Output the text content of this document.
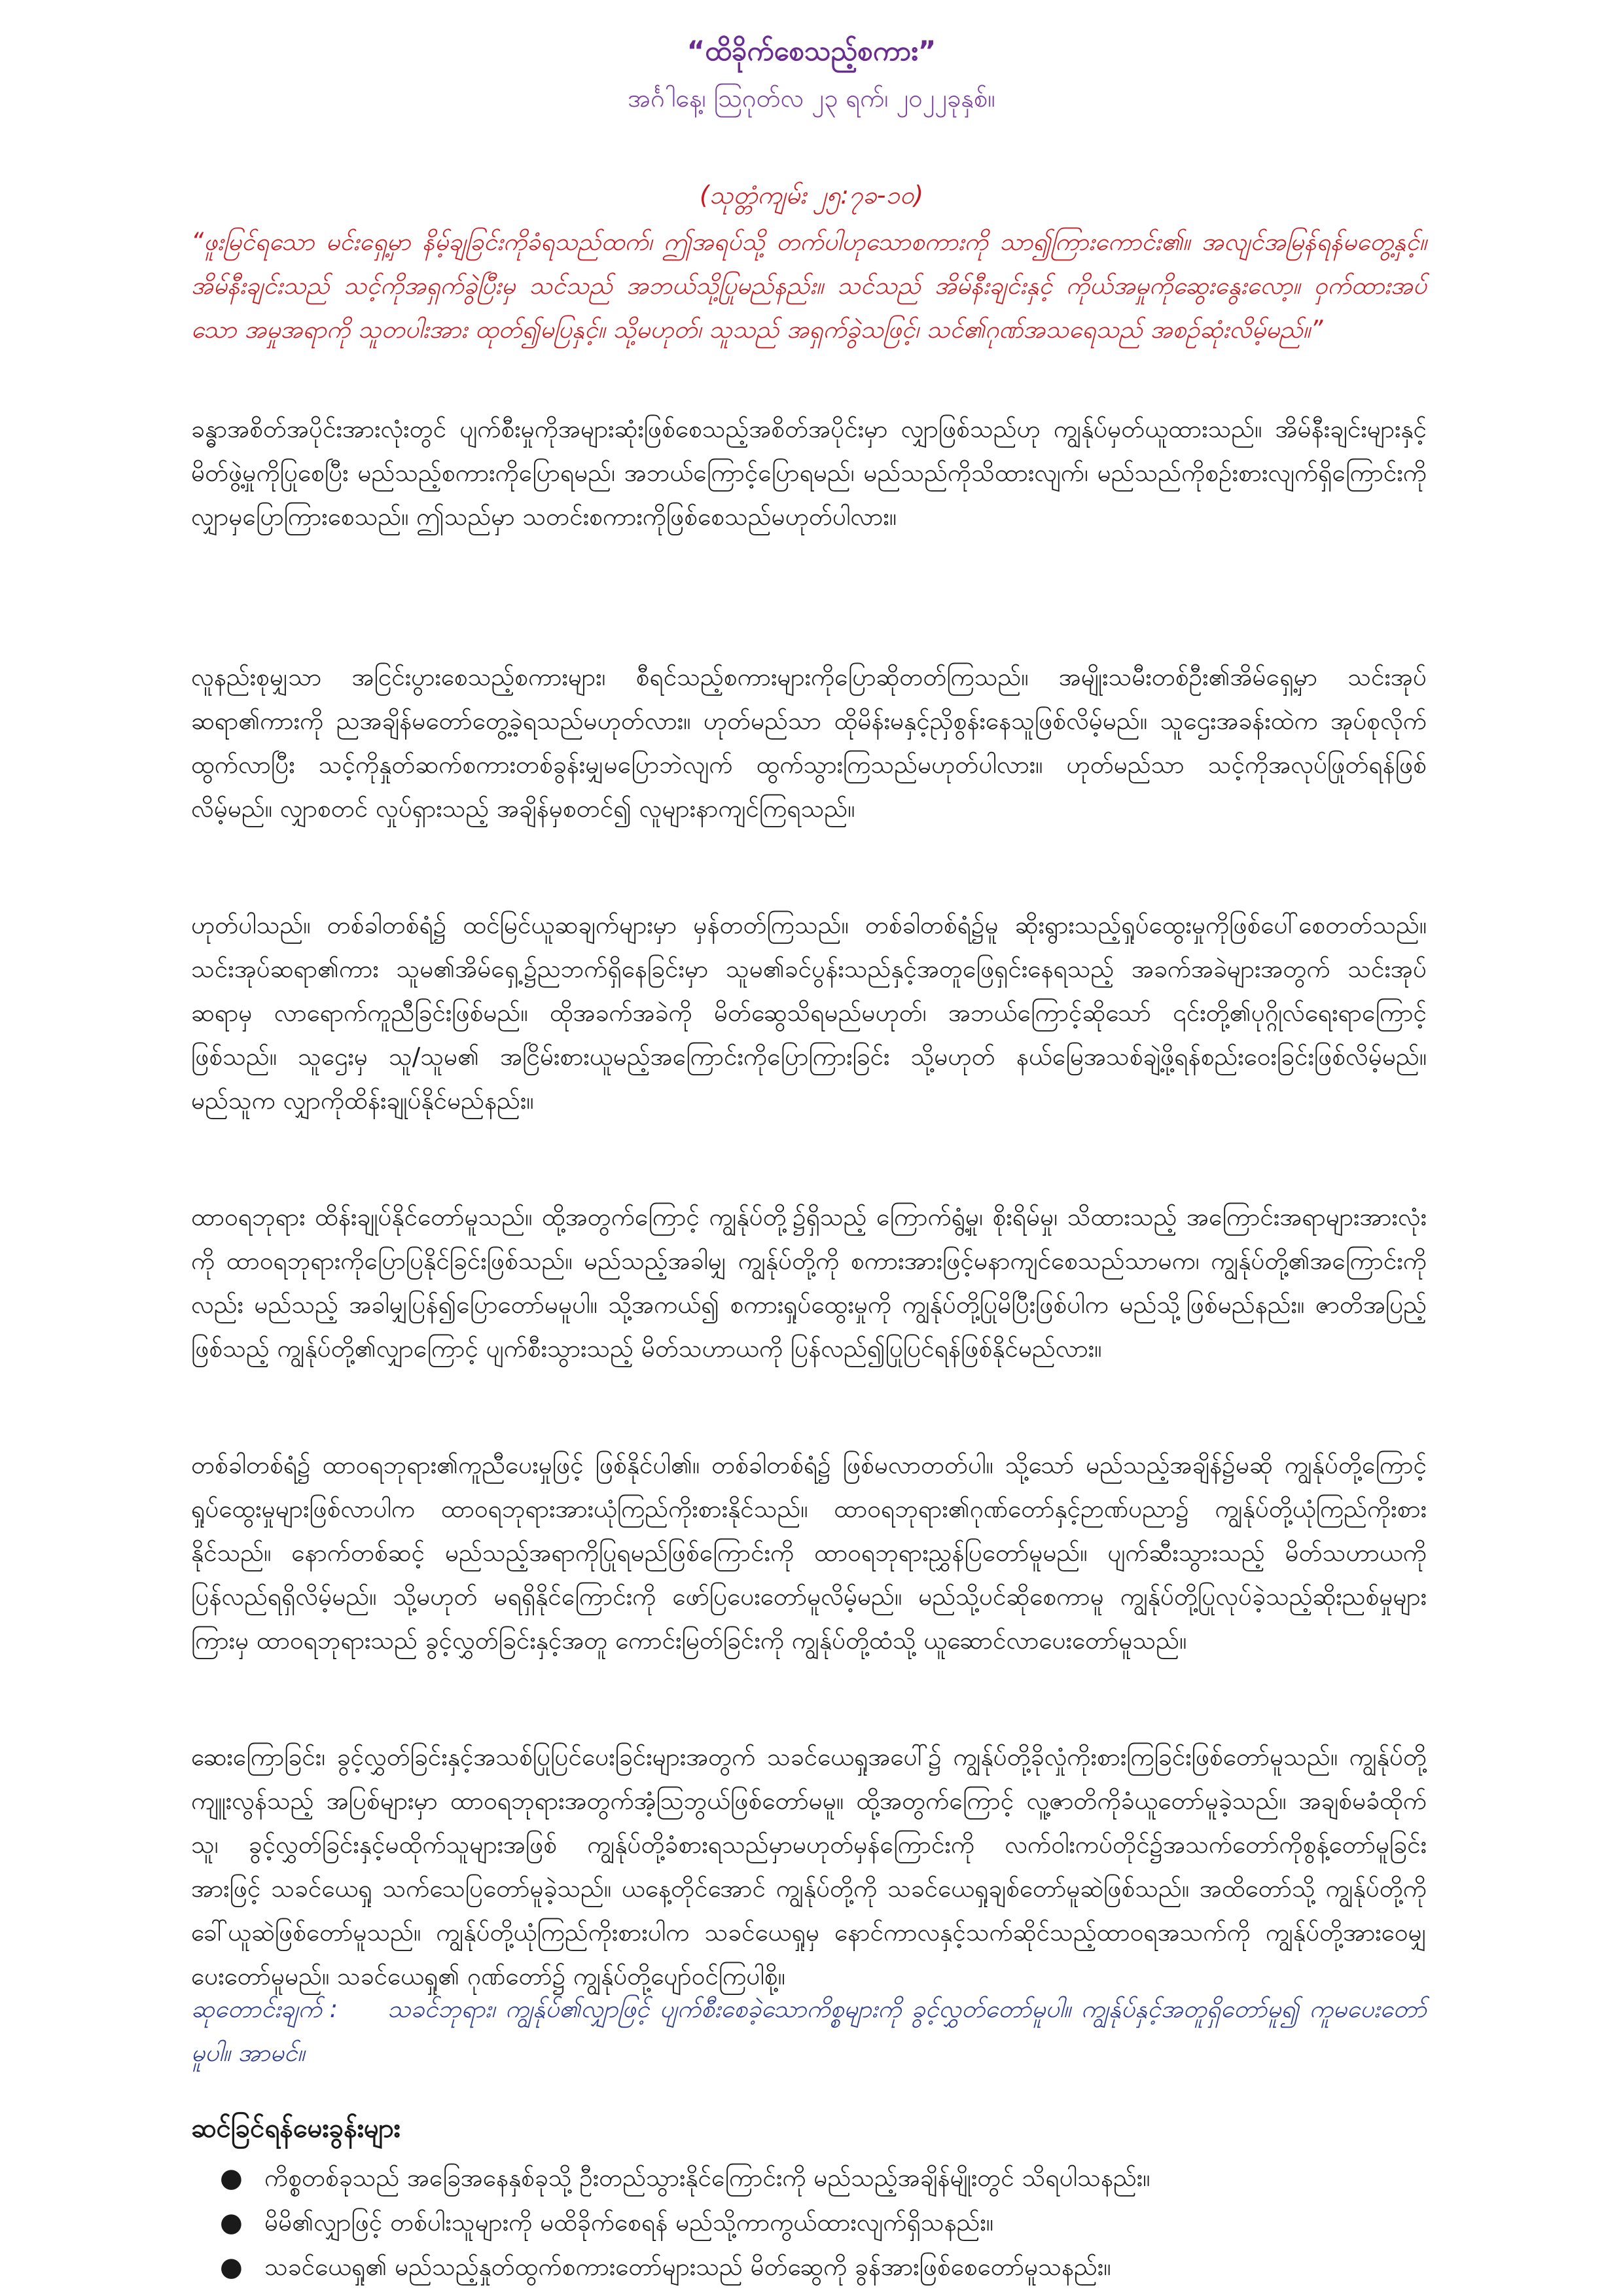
“ထိခိုက်စေသည့်စကား”
အင်္ဂါနေ့၊ ဩဂုတ်လ ၂၃ ရက်၊ ၂၀၂၂ခုနှစ်။
(သုတ္တံကျမ်း ၂၅:၇ခ-၁၀)
“ဖူးမြင်ရသော မင်းရှေ့မှာ နိမ့်ချခြင်းကိုခံရသည်ထက်၊ ဤအရပ်သို့ တက်ပါဟုသောစကားကို သာ၍ကြားကောင်း၏။ အလျင်အမြန်ရန်မတွေ့နှင့်။ အိမ်နီးချင်းသည် သင့်ကိုအရှက်ခွဲပြီးမှ သင်သည် အဘယ်သို့ပြုမည်နည်း။ သင်သည် အိမ်နီးချင်းနှင့် ကိုယ်အမှုကိုဆွေးနွေးလော့။ ဝှက်ထားအပ်သော အမှုအရာကို သူတပါးအား ထုတ်၍မပြနှင့်။ သို့မဟုတ်၊ သူသည် အရှက်ခွဲသဖြင့်၊ သင်၏ဂုဏ်အသရေသည် အစဉ်ဆုံးလိမ့်မည်။”
ခန္ဓာအစိတ်အပိုင်းအားလုံးတွင် ပျက်စီးမှုကိုအများဆုံးဖြစ်စေသည့်အစိတ်အပိုင်းမှာ လျှာဖြစ်သည်ဟု ကျွန်ုပ်မှတ်ယူထားသည်။ အိမ်နီးချင်းများနှင့်မိတ်ဖွဲ့မှုကိုပြုစေပြီး မည်သည့်စကားကိုပြောရမည်၊ အဘယ်ကြောင့်ပြောရမည်၊ မည်သည်ကိုသိထားလျက်၊ မည်သည်ကိုစဉ်းစားလျက်ရှိကြောင်းကို လျှာမှပြောကြားစေသည်။ ဤသည်မှာ သတင်းစကားကိုဖြစ်စေသည်မဟုတ်ပါလား။
လူနည်းစုမျှသာ အငြင်းပွားစေသည့်စကားများ၊ စီရင်သည့်စကားများကိုပြောဆိုတတ်ကြသည်။ အမျိုးသမီးတစ်ဦး၏အိမ်ရှေ့မှာ သင်းအုပ်ဆရာ၏ကားကို ညအချိန်မတော်တွေ့ခဲ့ရသည်မဟုတ်လား။ ဟုတ်မည်သာ ထိုမိန်းမနှင့်ညှိစွန်းနေသူဖြစ်လိမ့်မည်။ သူဌေးအခန်းထဲက အုပ်စုလိုက်ထွက်လာပြီး သင့်ကိုနှုတ်ဆက်စကားတစ်ခွန်းမျှမပြောဘဲလျက် ထွက်သွားကြသည်မဟုတ်ပါလား။ ဟုတ်မည်သာ သင့်ကိုအလုပ်ဖြုတ်ရန်ဖြစ်လိမ့်မည်။ လျှာစတင် လှုပ်ရှားသည့် အချိန်မှစတင်၍ လူများနာကျင်ကြရသည်။
ဟုတ်ပါသည်။ တစ်ခါတစ်ရံ၌ ထင်မြင်ယူဆချက်များမှာ မှန်တတ်ကြသည်။ တစ်ခါတစ်ရံ၌မူ ဆိုးရွားသည့်ရှုပ်ထွေးမှုကိုဖြစ်ပေါ်စေတတ်သည်။ သင်းအုပ်ဆရာ၏ကား သူမ၏အိမ်ရှေ့၌ညဘက်ရှိနေခြင်းမှာ သူမ၏ခင်ပွန်းသည်နှင့်အတူဖြေရှင်းနေရသည့် အခက်အခဲများအတွက် သင်းအုပ်ဆရာမှ လာရောက်ကူညီခြင်းဖြစ်မည်။ ထိုအခက်အခဲကို မိတ်ဆွေသိရမည်မဟုတ်၊ အဘယ်ကြောင့်ဆိုသော် ၎င်းတို့၏ပုဂ္ဂိုလ်ရေးရာကြောင့်ဖြစ်သည်။ သူဌေးမှ သူ/သူမ၏ အငြိမ်းစားယူမည့်အကြောင်းကိုပြောကြားခြင်း သို့မဟုတ် နယ်မြေအသစ်ချဲ့ဖို့ရန်စည်းဝေးခြင်းဖြစ်လိမ့်မည်။ မည်သူက လျှာကိုထိန်းချုပ်နိုင်မည်နည်း။
ထာဝရဘုရား ထိန်းချုပ်နိုင်တော်မူသည်။ ထို့အတွက်ကြောင့် ကျွန်ုပ်တို့၌ရှိသည့် ကြောက်ရွံ့မှု၊ စိုးရိမ်မှု၊ သိထားသည့် အကြောင်းအရာများအားလုံးကို ထာဝရဘုရားကိုပြောပြနိုင်ခြင်းဖြစ်သည်။ မည်သည့်အခါမျှ ကျွန်ုပ်တို့ကို စကားအားဖြင့်မနာကျင်စေသည်သာမက၊ ကျွန်ုပ်တို့၏အကြောင်းကိုလည်း မည်သည့် အခါမျှပြန်၍ပြောတော်မမူပါ။ သို့အကယ်၍ စကားရှုပ်ထွေးမှုကို ကျွန်ုပ်တို့ပြုမိပြီးဖြစ်ပါက မည်သို့ဖြစ်မည်နည်း။ ဇာတိအပြည့်ဖြစ်သည့် ကျွန်ုပ်တို့၏လျှာကြောင့် ပျက်စီးသွားသည့် မိတ်သဟာယကို ပြန်လည်၍ပြုပြင်ရန်ဖြစ်နိုင်မည်လား။
တစ်ခါတစ်ရံ၌ ထာဝရဘုရား၏ကူညီပေးမှုဖြင့် ဖြစ်နိုင်ပါ၏။ တစ်ခါတစ်ရံ၌ ဖြစ်မလာတတ်ပါ။ သို့သော် မည်သည့်အချိန်၌မဆို ကျွန်ုပ်တို့ကြောင့် ရှုပ်ထွေးမှုများဖြစ်လာပါက ထာဝရဘုရားအားယုံကြည်ကိုးစားနိုင်သည်။ ထာဝရဘုရား၏ဂုဏ်တော်နှင့်ဉာဏ်ပညာ၌ ကျွန်ုပ်တို့ယုံကြည်ကိုးစားနိုင်သည်။ နောက်တစ်ဆင့် မည်သည့်အရာကိုပြုရမည်ဖြစ်ကြောင်းကို ထာဝရဘုရားညွှန်ပြတော်မူမည်။ ပျက်ဆီးသွားသည့် မိတ်သဟာယကို ပြန်လည်ရရှိလိမ့်မည်။ သို့မဟုတ် မရရှိနိုင်ကြောင်းကို ဖော်ပြပေးတော်မူလိမ့်မည်။ မည်သို့ပင်ဆိုစေကာမူ ကျွန်ုပ်တို့ပြုလုပ်ခဲ့သည့်ဆိုးညစ်မှုများကြားမှ ထာဝရဘုရားသည် ခွင့်လွှတ်ခြင်းနှင့်အတူ ကောင်းမြတ်ခြင်းကို ကျွန်ုပ်တို့ထံသို့ ယူဆောင်လာပေးတော်မူသည်။
ဆေးကြောခြင်း၊ ခွင့်လွှတ်ခြင်းနှင့်အသစ်ပြုပြင်ပေးခြင်းများအတွက် သခင်ယေရှုအပေါ်၌ ကျွန်ုပ်တို့ခိုလှုံကိုးစားကြခြင်းဖြစ်တော်မူသည်။ ကျွန်ုပ်တို့ကျူးလွန်သည့် အပြစ်များမှာ ထာဝရဘုရားအတွက်အံ့သြဘွယ်ဖြစ်တော်မမူ။ ထို့အတွက်ကြောင့် လူ့ဇာတိကိုခံယူတော်မူခဲ့သည်။ အချစ်မခံထိုက်သူ၊ ခွင့်လွှတ်ခြင်းနှင့်မထိုက်သူများအဖြစ် ကျွန်ုပ်တို့ခံစားရသည်မှာမဟုတ်မှန်ကြောင်းကို လက်ဝါးကပ်တိုင်၌အသက်တော်ကိုစွန့်တော်မူခြင်းအားဖြင့် သခင်ယေရှု သက်သေပြတော်မူခဲ့သည်။ ယနေ့တိုင်အောင် ကျွန်ုပ်တို့ကို သခင်ယေရှုချစ်တော်မူဆဲဖြစ်သည်။ အထိတော်သို့ ကျွန်ုပ်တို့ကိုခေါ်ယူဆဲဖြစ်တော်မူသည်။ ကျွန်ုပ်တို့ယုံကြည်ကိုးစားပါက သခင်ယေရှုမှ နောင်ကာလနှင့်သက်ဆိုင်သည့်ထာဝရအသက်ကို ကျွန်ုပ်တို့အားဝေမျှပေးတော်မူမည်။ သခင်ယေရှု၏ ဂုဏ်တော်၌ ကျွန်ုပ်တို့ပျော်ဝင်ကြပါစို့။
ဆုတောင်းချက် : သခင်ဘုရား၊ ကျွန်ုပ်၏လျှာဖြင့် ပျက်စီးစေခဲ့သောကိစ္စများကို ခွင့်လွှတ်တော်မူပါ။ ကျွန်ုပ်နှင့်အတူရှိတော်မူ၍ ကူမပေးတော်မူပါ။ အာမင်။
ဆင်ခြင်ရန်မေးခွန်းများ
● ကိစ္စတစ်ခုသည် အခြေအနေနှစ်ခုသို့ ဦးတည်သွားနိုင်ကြောင်းကို မည်သည့်အချိန်မျိုးတွင် သိရပါသနည်း။
● မိမိ၏လျှာဖြင့် တစ်ပါးသူများကို မထိခိုက်စေရန် မည်သို့ကာကွယ်ထားလျက်ရှိသနည်း။
● သခင်ယေရှု၏ မည်သည့်နှုတ်ထွက်စကားတော်များသည် မိတ်ဆွေကို ခွန်အားဖြစ်စေတော်မူသနည်း။
